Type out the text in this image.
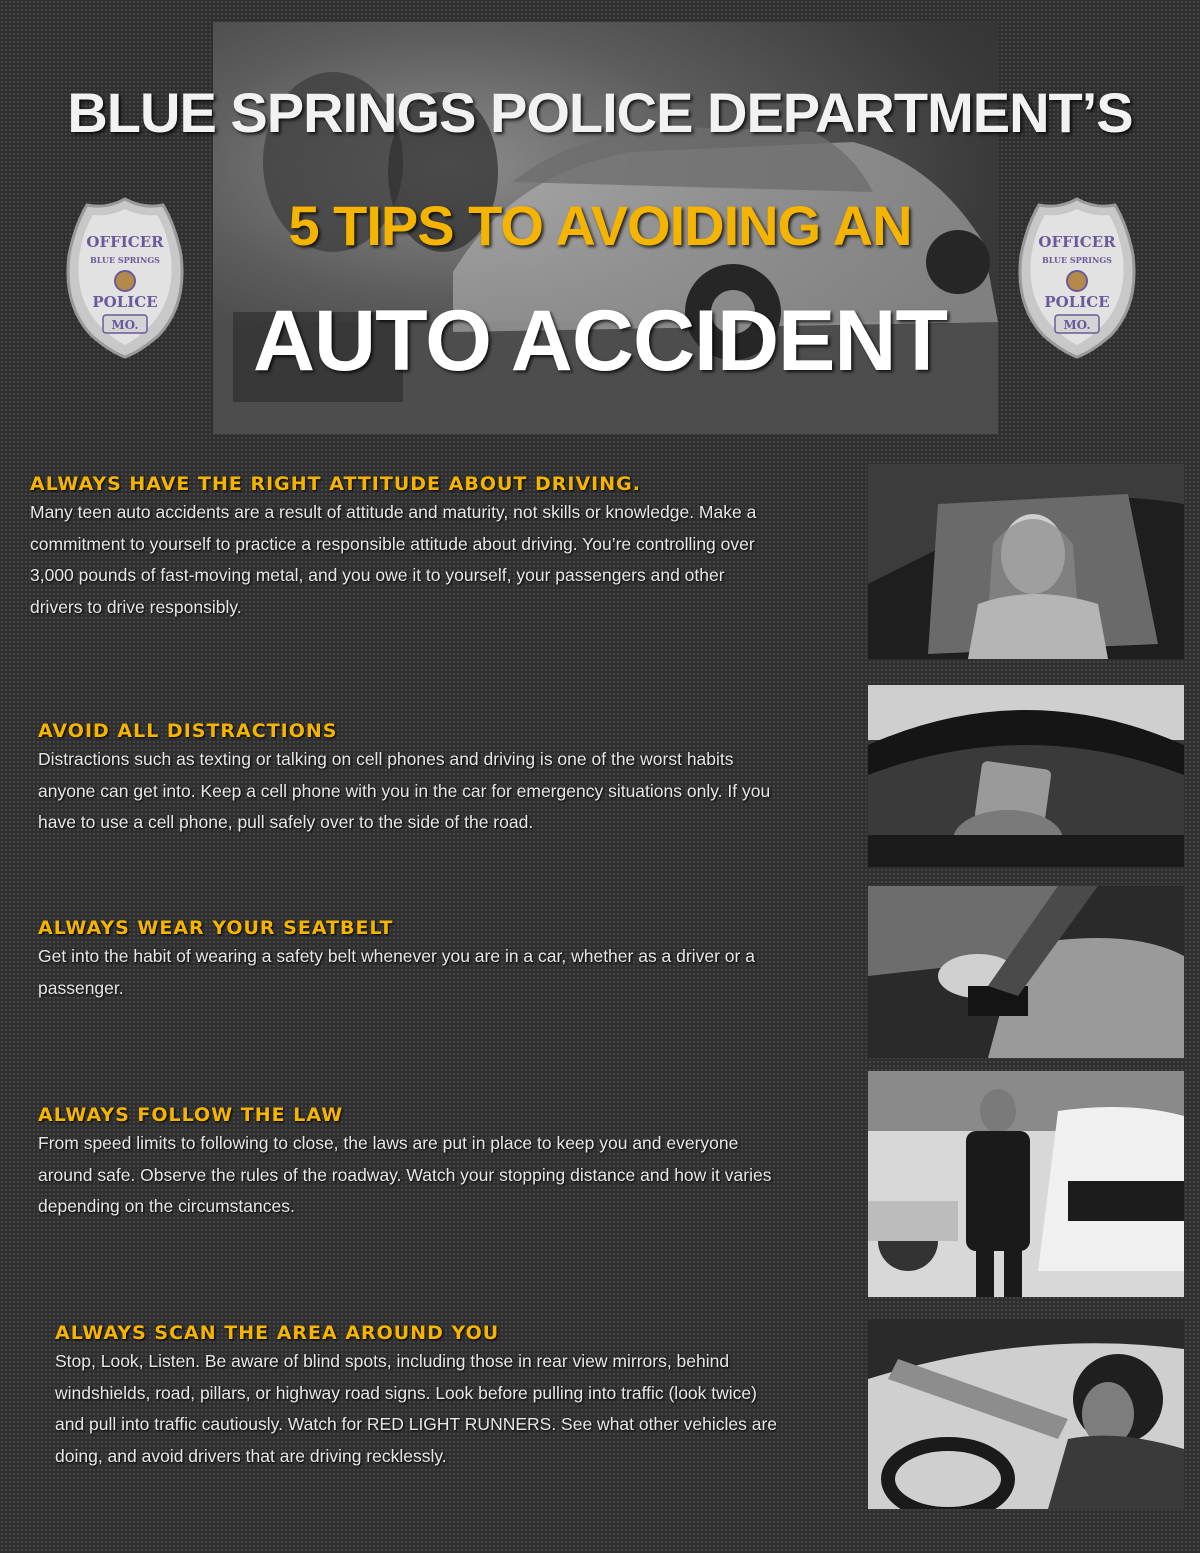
BLUE SPRINGS POLICE DEPARTMENT’S
5 TIPS TO AVOIDING AN
AUTO ACCIDENT
OFFICER
BLUE SPRINGS
POLICE
MO.
OFFICER
BLUE SPRINGS
POLICE
MO.
ALWAYS HAVE THE RIGHT ATTITUDE ABOUT DRIVING.

Many teen auto accidents are a result of attitude and maturity, not skills or knowledge. Make a commitment to yourself to practice a responsible attitude about driving. You’re controlling over 3,000 pounds of fast-moving metal, and you owe it to yourself, your passengers and other drivers to drive responsibly.

AVOID ALL DISTRACTIONS

Distractions such as texting or talking on cell phones and driving is one of the worst habits anyone can get into. Keep a cell phone with you in the car for emergency situations only. If you have to use a cell phone, pull safely over to the side of the road.

ALWAYS WEAR YOUR SEATBELT

Get into the habit of wearing a safety belt whenever you are in a car, whether as a driver or a passenger.

ALWAYS FOLLOW THE LAW

From speed limits to following to close, the laws are put in place to keep you and everyone around safe. Observe the rules of the roadway. Watch your stopping distance and how it varies depending on the circumstances.

ALWAYS SCAN THE AREA AROUND YOU

Stop, Look, Listen. Be aware of blind spots, including those in rear view mirrors, behind windshields, road, pillars, or highway road signs. Look before pulling into traffic (look twice) and pull into traffic cautiously. Watch for RED LIGHT RUNNERS. See what other vehicles are doing, and avoid drivers that are driving recklessly.
